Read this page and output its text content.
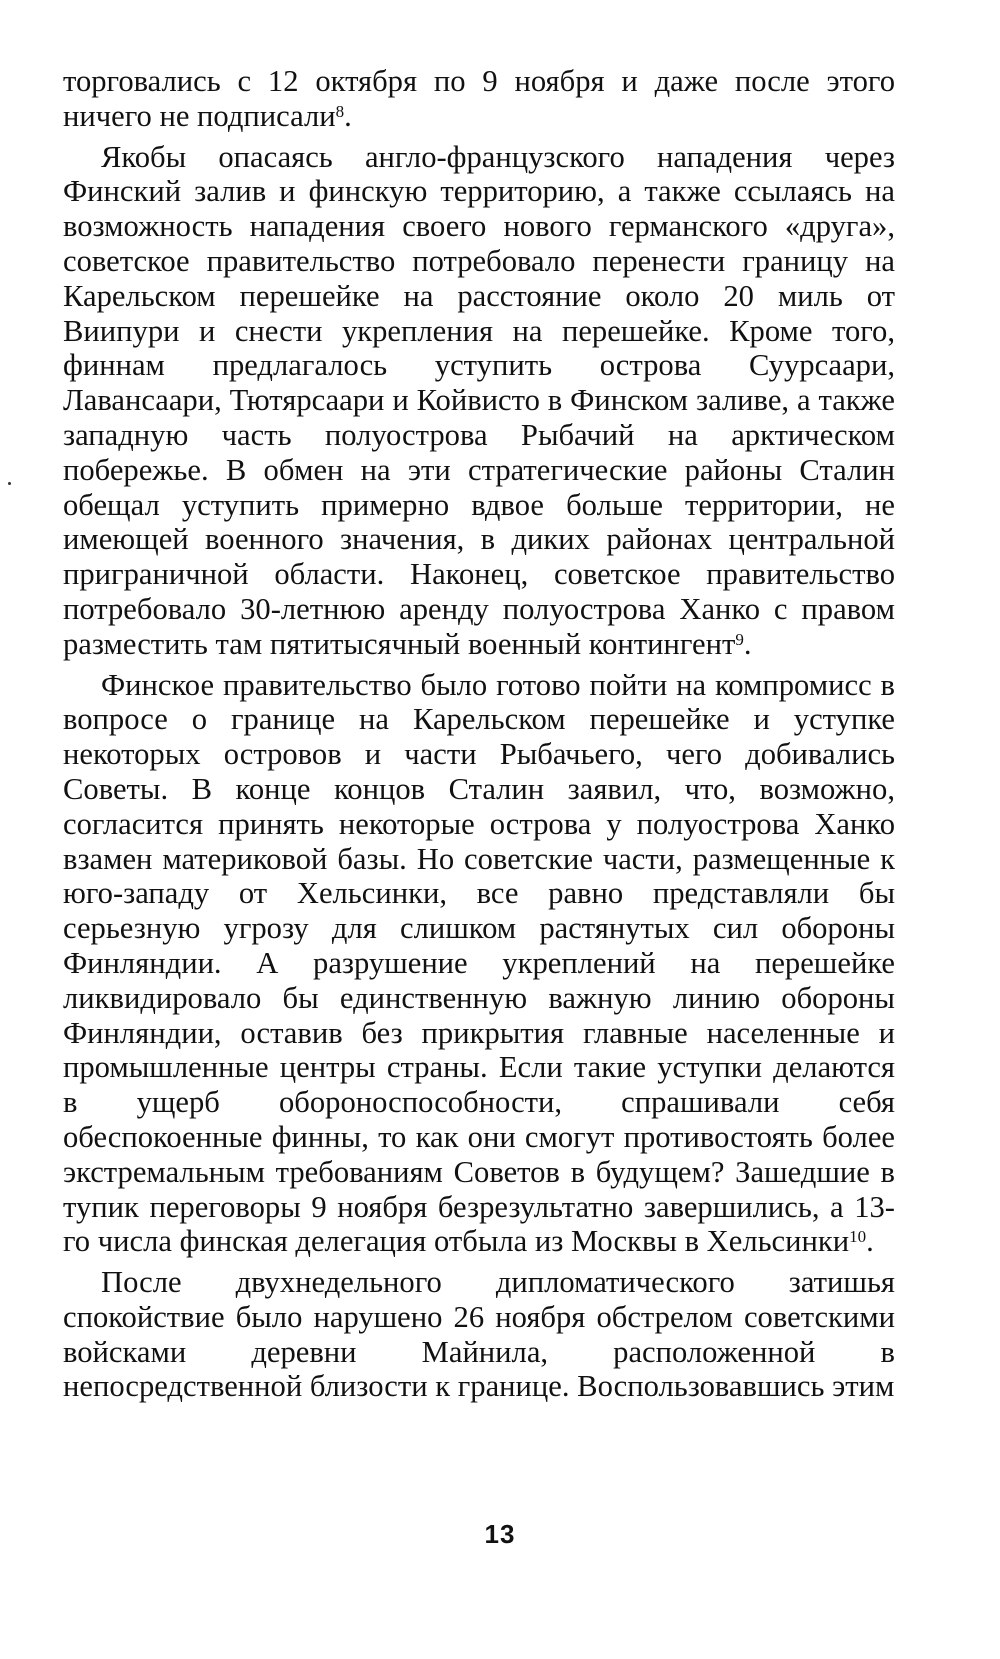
торговались с 12 октября по 9 ноября и даже после этого ничего не подписали$^8$.

Якобы опасаясь англо-французского нападения через Финский залив и финскую территорию, а также ссылаясь на возможность нападения своего нового германского «друга», советское правительство потребовало перенести границу на Карельском перешейке на расстояние около 20 миль от Виипури и снести укрепления на перешейке. Кроме того, финнам предлагалось уступить острова Суурсаари, Лавансаари, Тютярсаари и Койвисто в Финском заливе, а также западную часть полуострова Рыбачий на арктическом побережье. В обмен на эти стратегические районы Сталин обещал уступить примерно вдвое больше территории, не имеющей военного значения, в диких районах центральной приграничной области. Наконец, советское правительство потребовало 30-летнюю аренду полуострова Ханко с правом разместить там пятитысячный военный контингент$^9$.

Финское правительство было готово пойти на компромисс в вопросе о границе на Карельском перешейке и уступке некоторых островов и части Рыбачьего, чего добивались Советы. В конце концов Сталин заявил, что, возможно, согласится принять некоторые острова у полуострова Ханко взамен материковой базы. Но советские части, размещенные к юго-западу от Хельсинки, все равно представляли бы серьезную угрозу для слишком растянутых сил обороны Финляндии. А разрушение укреплений на перешейке ликвидировало бы единственную важную линию обороны Финляндии, оставив без прикрытия главные населенные и промышленные центры страны. Если такие уступки делаются в ущерб обороноспособности, спрашивали себя обеспокоенные финны, то как они смогут противостоять более экстремальным требованиям Советов в будущем? Зашедшие в тупик переговоры 9 ноября безрезультатно завершились, а 13-го числа финская делегация отбыла из Москвы в Хельсинки$^{10}$.

После двухнедельного дипломатического затишья спокойствие было нарушено 26 ноября обстрелом советскими войсками деревни Майнила, расположенной в непосредственной близости к границе. Воспользовавшись этим

13
